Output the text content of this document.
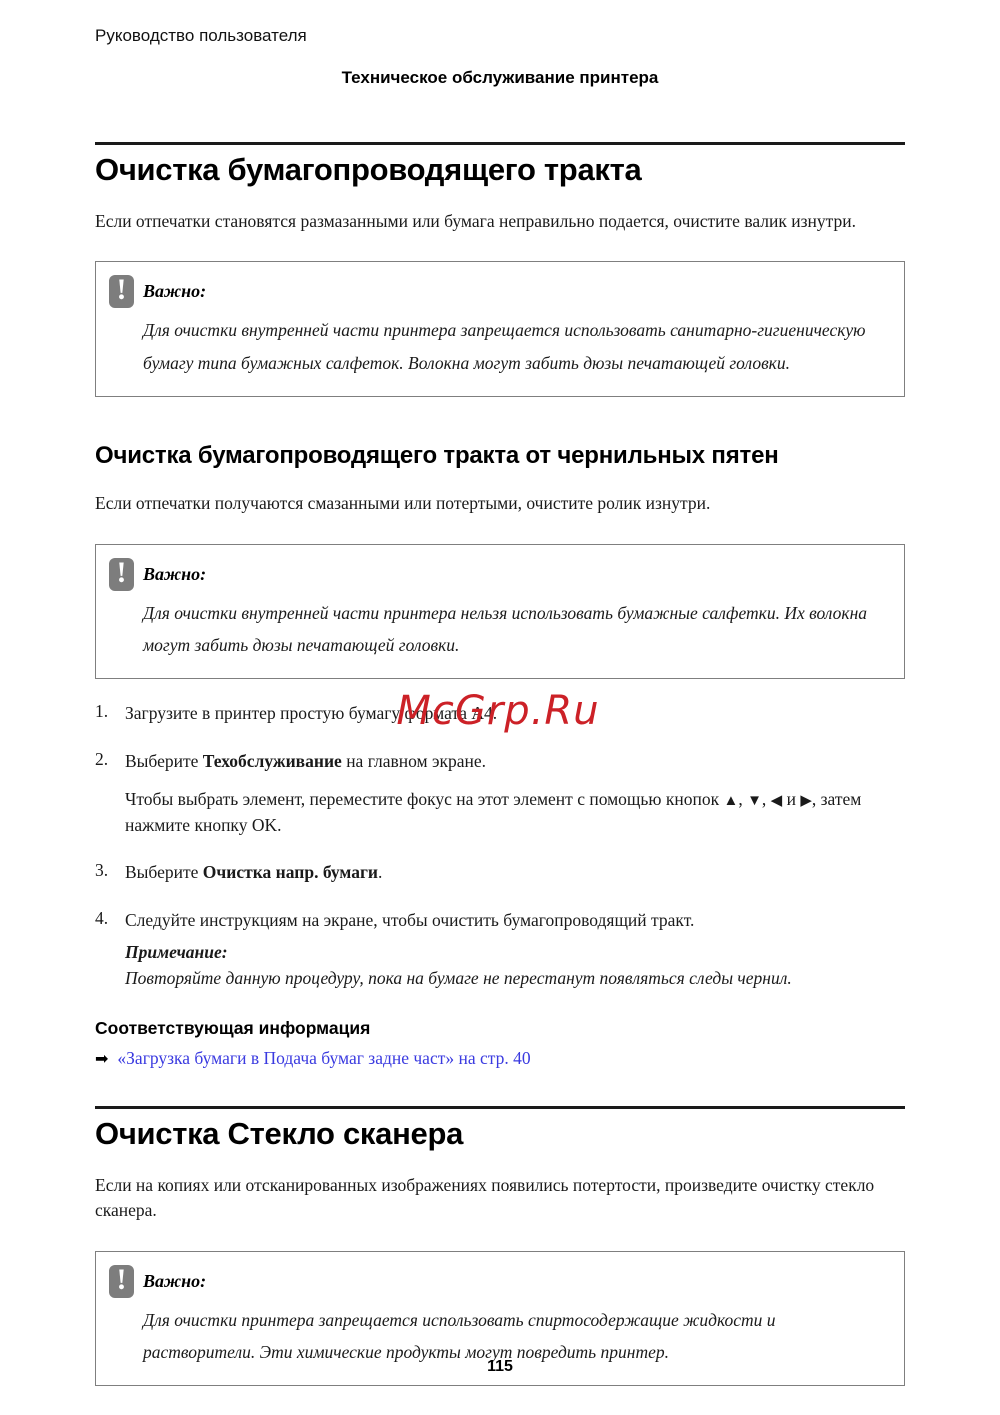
McGrp.Ru
Руководство пользователя
Техническое обслуживание принтера
Очистка бумагопроводящего тракта

Если отпечатки становятся размазанными или бумага неправильно подается, очистите валик изнутри.

! Важно:

Для очистки внутренней части принтера запрещается использовать санитарно-гигиеническую бумагу типа бумажных салфеток. Волокна могут забить дюзы печатающей головки.

Очистка бумагопроводящего тракта от чернильных пятен

Если отпечатки получаются смазанными или потертыми, очистите ролик изнутри.

! Важно:

Для очистки внутренней части принтера нельзя использовать бумажные салфетки. Их волокна могут забить дюзы печатающей головки.

1. Загрузите в принтер простую бумагу формата A4.
2. Выберите Техобслуживание на главном экране.
Чтобы выбрать элемент, переместите фокус на этот элемент с помощью кнопок ▲, ▼, ◀ и ▶, затем нажмите кнопку OK.
3. Выберите Очистка напр. бумаги.
4. Следуйте инструкциям на экране, чтобы очистить бумагопроводящий тракт.
Примечание:
Повторяйте данную процедуру, пока на бумаге не перестанут появляться следы чернил.
Соответствующая информация
➡ «Загрузка бумаги в Подача бумаг задне част» на стр. 40
Очистка Стекло сканера

Если на копиях или отсканированных изображениях появились потертости, произведите очистку стекло сканера.

! Важно:

Для очистки принтера запрещается использовать спиртосодержащие жидкости и растворители. Эти химические продукты могут повредить принтер.

115
